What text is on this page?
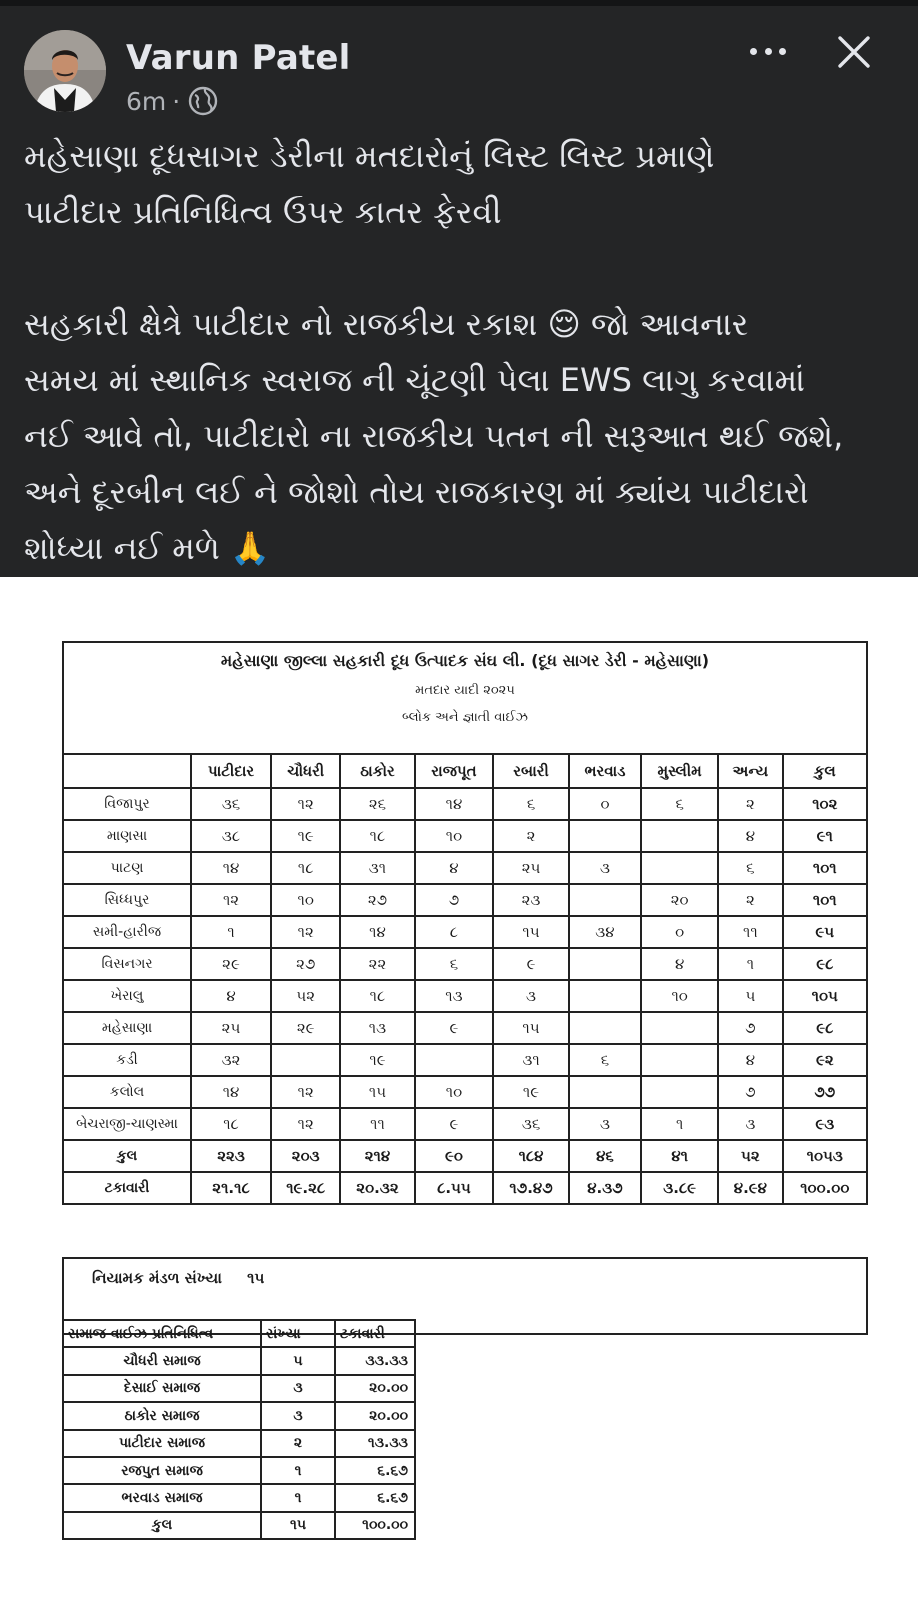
Varun Patel
6m ·
મહેસાણા દૂધસાગર ડેરીના મતદારોનું લિસ્ટ લિસ્ટ પ્રમાણે
પાટીદાર પ્રતિનિધિત્વ ઉપર કાતર ફેરવી

સહકારી ક્ષેત્રે પાટીદાર નો રાજકીય રકાશ 😌 જો આવનાર
સમય માં સ્થાનિક સ્વરાજ ની ચૂંટણી પેલા EWS લાગુ કરવામાં
નઈ આવે તો, પાટીદારો ના રાજકીય પતન ની સરૂઆત થઈ જશે,
અને દૂરબીન લઈ ને જોશો તોય રાજકારણ માં ક્યાંય પાટીદારો
શોધ્યા નઈ મળે 🙏
મહેસાણા જીલ્લા સહકારી દૂધ ઉત્પાદક સંઘ લી. (દૂધ સાગર ડેરી - મહેસાણા)
મતદાર યાદી ૨૦૨૫
બ્લોક અને જ્ઞાતી વાઈઝ									

	પાટીદાર	ચૌધરી	ઠાકોર	રાજપૂત	રબારી	ભરવાડ	મુસ્લીમ	અન્ય	કુલ
વિજાપુર	૩૬	૧૨	૨૬	૧૪	૬	૦	૬	૨	૧૦૨
માણસા	૩૮	૧૯	૧૮	૧૦	૨			૪	૯૧
પાટણ	૧૪	૧૮	૩૧	૪	૨૫	૩		૬	૧૦૧
સિધ્ધપુર	૧૨	૧૦	૨૭	૭	૨૩		૨૦	૨	૧૦૧
સમી-હારીજ	૧	૧૨	૧૪	૮	૧૫	૩૪	૦	૧૧	૯૫
વિસનગર	૨૯	૨૭	૨૨	૬	૯		૪	૧	૯૮
ખેરાલુ	૪	૫૨	૧૮	૧૩	૩		૧૦	૫	૧૦૫
મહેસાણા	૨૫	૨૯	૧૩	૯	૧૫			૭	૯૮
કડી	૩૨		૧૯		૩૧	૬		૪	૯૨
કલોલ	૧૪	૧૨	૧૫	૧૦	૧૯			૭	૭૭
બેચરાજી-ચાણસ્મા	૧૮	૧૨	૧૧	૯	૩૬	૩	૧	૩	૯૩
કુલ	૨૨૩	૨૦૩	૨૧૪	૯૦	૧૮૪	૪૬	૪૧	૫૨	૧૦૫૩
ટકાવારી	૨૧.૧૮	૧૯.૨૮	૨૦.૩૨	૮.૫૫	૧૭.૪૭	૪.૩૭	૩.૮૯	૪.૯૪	૧૦૦.૦૦
નિયામક મંડળ સંખ્યા ૧૫
સમાજ વાઈઝ પ્રતિનિધિત્વ	સંખ્યા	ટકાવારી
ચૌધરી સમાજ	૫	૩૩.૩૩
દેસાઈ સમાજ	૩	૨૦.૦૦
ઠાકોર સમાજ	૩	૨૦.૦૦
પાટીદાર સમાજ	૨	૧૩.૩૩
રજપુત સમાજ	૧	૬.૬૭
ભરવાડ સમાજ	૧	૬.૬૭
કુલ	૧૫	૧૦૦.૦૦
